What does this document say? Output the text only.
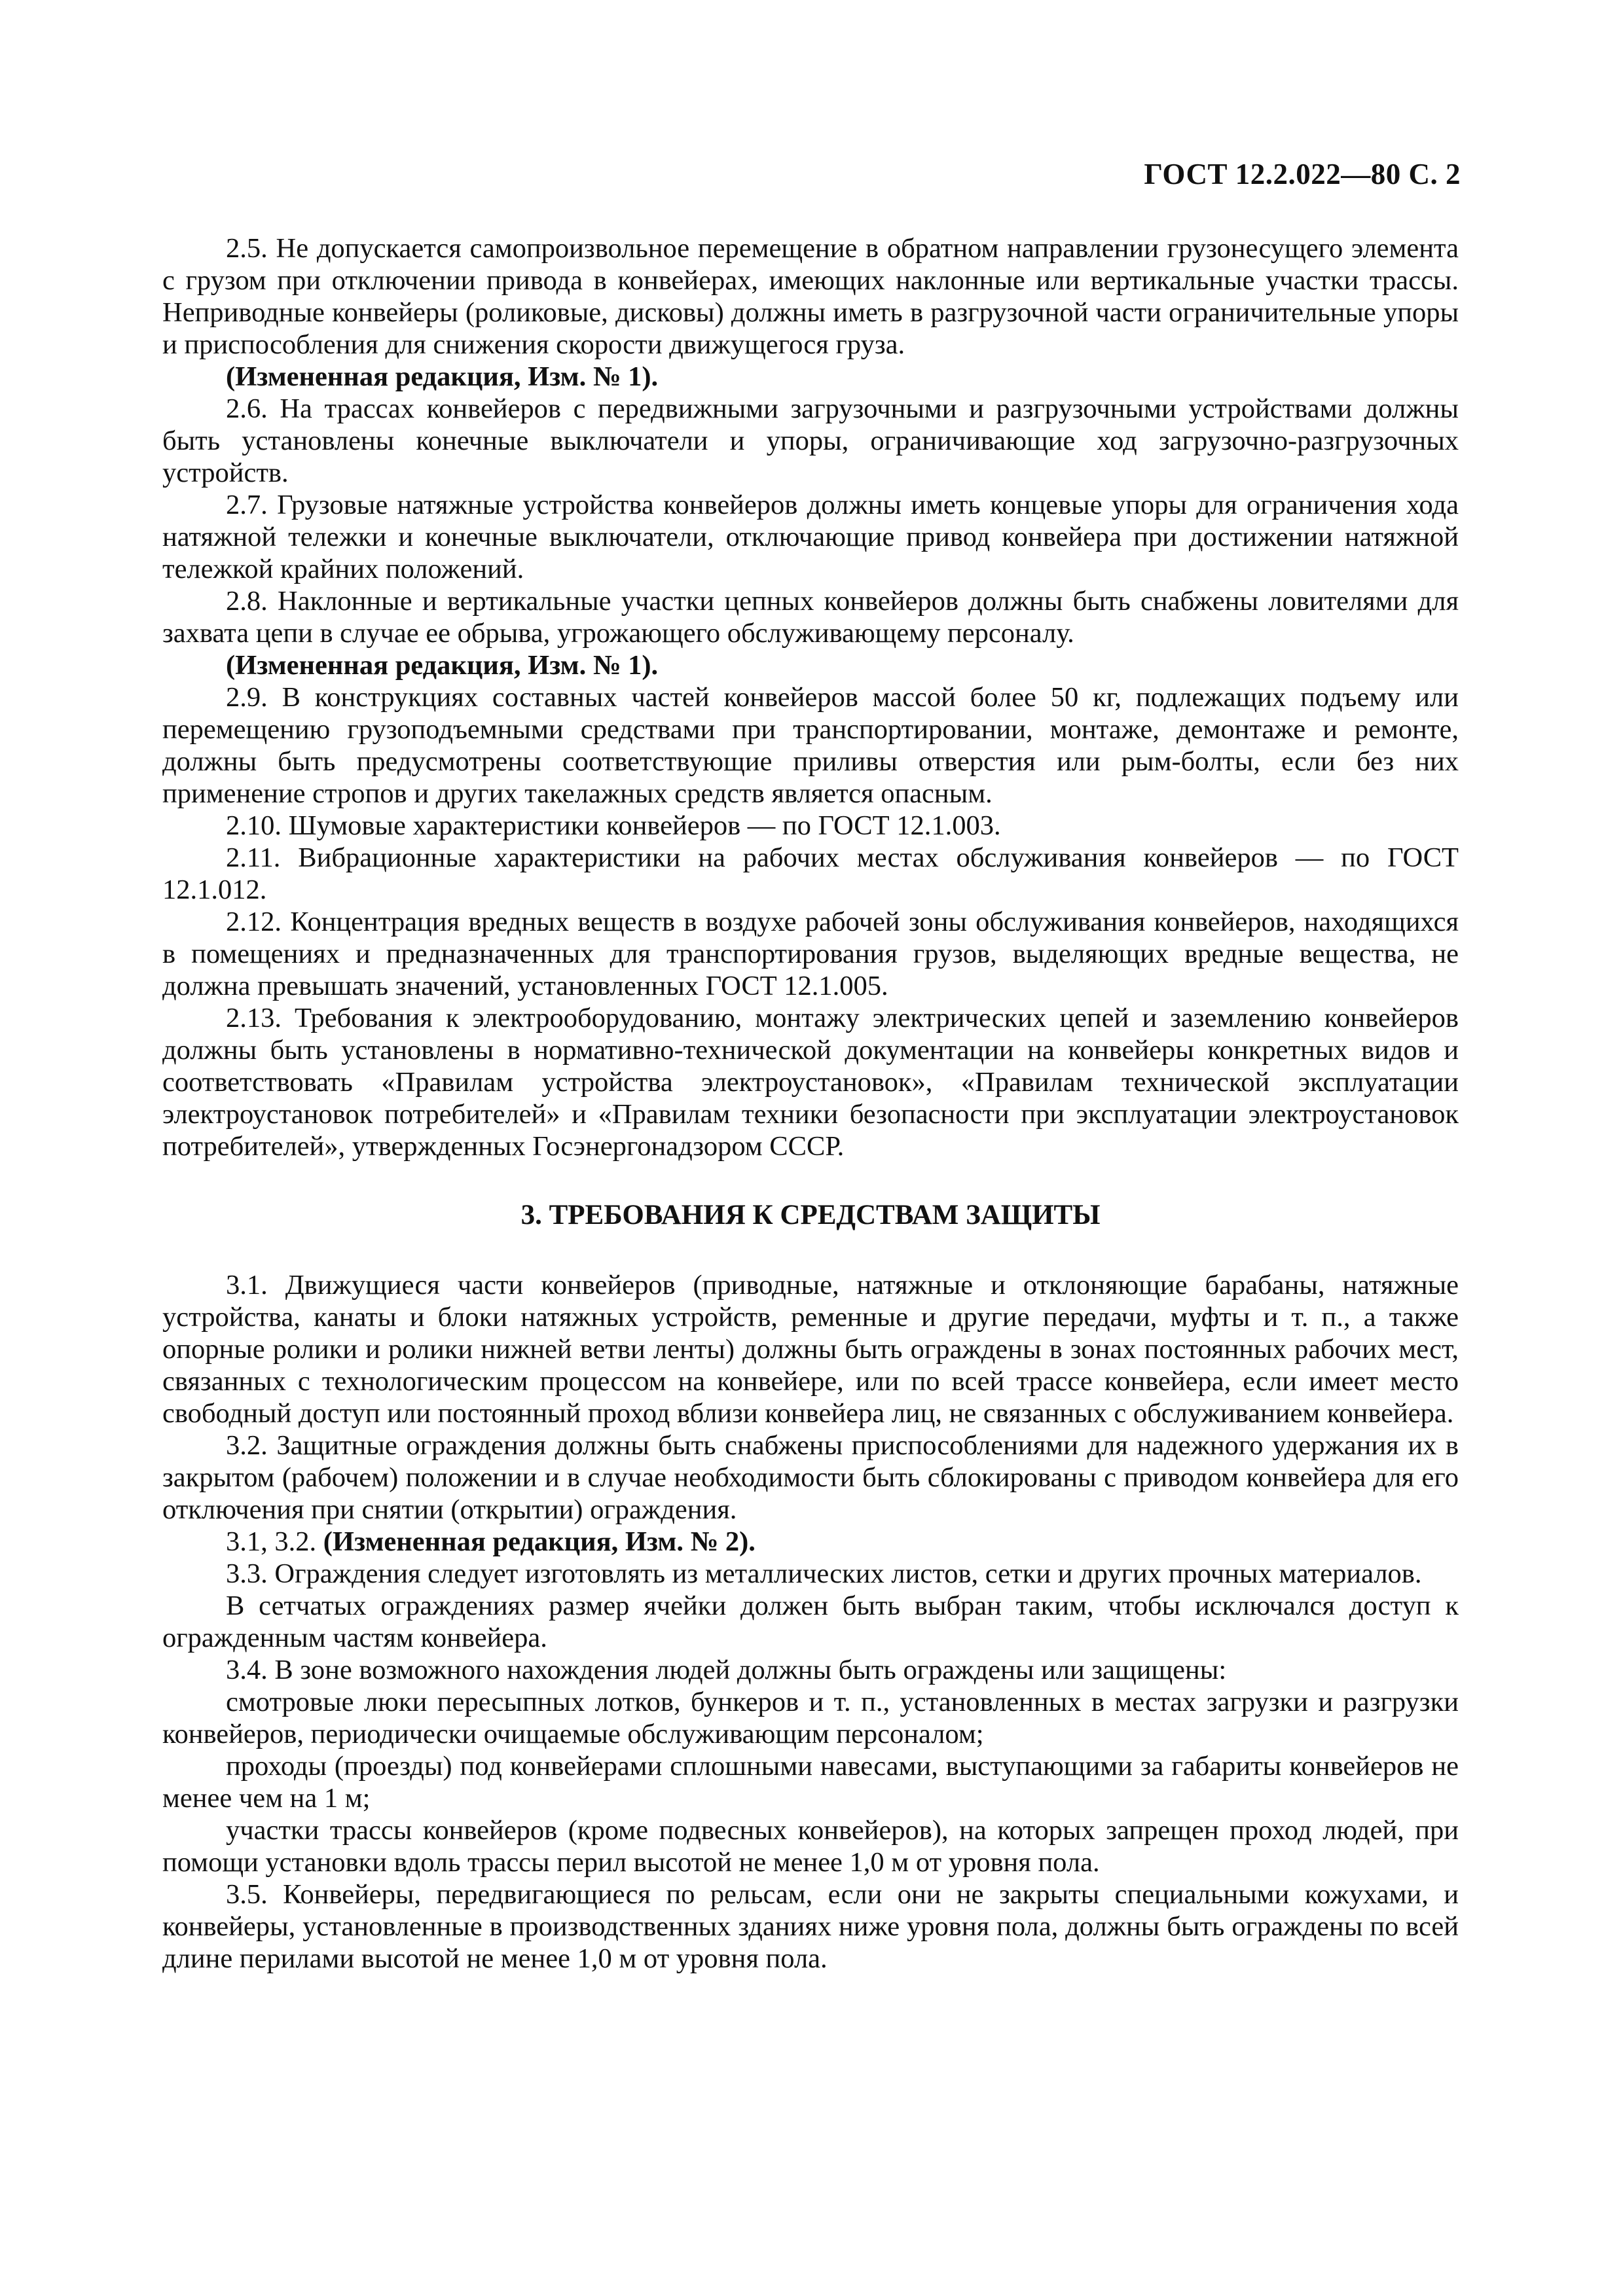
ГОСТ 12.2.022—80 С. 2
2.5. Не допускается самопроизвольное перемещение в обратном направлении грузонесущего элемента с грузом при отключении привода в конвейерах, имеющих наклонные или вертикальные участки трассы. Неприводные конвейеры (роликовые, дисковы) должны иметь в разгрузочной части ограничительные упоры и приспособления для снижения скорости движущегося груза.
(Измененная редакция, Изм. № 1).
2.6. На трассах конвейеров с передвижными загрузочными и разгрузочными устройствами должны быть установлены конечные выключатели и упоры, ограничивающие ход загрузочно-разгрузочных устройств.
2.7. Грузовые натяжные устройства конвейеров должны иметь концевые упоры для ограничения хода натяжной тележки и конечные выключатели, отключающие привод конвейера при достижении натяжной тележкой крайних положений.
2.8. Наклонные и вертикальные участки цепных конвейеров должны быть снабжены ловителями для захвата цепи в случае ее обрыва, угрожающего обслуживающему персоналу.
(Измененная редакция, Изм. № 1).
2.9. В конструкциях составных частей конвейеров массой более 50 кг, подлежащих подъему или перемещению грузоподъемными средствами при транспортировании, монтаже, демонтаже и ремонте, должны быть предусмотрены соответствующие приливы отверстия или рым-болты, если без них применение стропов и других такелажных средств является опасным.
2.10. Шумовые характеристики конвейеров — по ГОСТ 12.1.003.
2.11. Вибрационные характеристики на рабочих местах обслуживания конвейеров — по ГОСТ 12.1.012.
2.12. Концентрация вредных веществ в воздухе рабочей зоны обслуживания конвейеров, находящихся в помещениях и предназначенных для транспортирования грузов, выделяющих вредные вещества, не должна превышать значений, установленных ГОСТ 12.1.005.
2.13. Требования к электрооборудованию, монтажу электрических цепей и заземлению конвейеров должны быть установлены в нормативно-технической документации на конвейеры конкретных видов и соответствовать «Правилам устройства электроустановок», «Правилам технической эксплуатации электроустановок потребителей» и «Правилам техники безопасности при эксплуатации электроустановок потребителей», утвержденных Госэнергонадзором СССР.
3. ТРЕБОВАНИЯ К СРЕДСТВАМ ЗАЩИТЫ
3.1. Движущиеся части конвейеров (приводные, натяжные и отклоняющие барабаны, натяжные устройства, канаты и блоки натяжных устройств, ременные и другие передачи, муфты и т. п., а также опорные ролики и ролики нижней ветви ленты) должны быть ограждены в зонах постоянных рабочих мест, связанных с технологическим процессом на конвейере, или по всей трассе конвейера, если имеет место свободный доступ или постоянный проход вблизи конвейера лиц, не связанных с обслуживанием конвейера.
3.2. Защитные ограждения должны быть снабжены приспособлениями для надежного удержания их в закрытом (рабочем) положении и в случае необходимости быть сблокированы с приводом конвейера для его отключения при снятии (открытии) ограждения.
3.1, 3.2. (Измененная редакция, Изм. № 2).
3.3. Ограждения следует изготовлять из металлических листов, сетки и других прочных материалов.
В сетчатых ограждениях размер ячейки должен быть выбран таким, чтобы исключался доступ к огражденным частям конвейера.
3.4. В зоне возможного нахождения людей должны быть ограждены или защищены:
смотровые люки пересыпных лотков, бункеров и т. п., установленных в местах загрузки и разгрузки конвейеров, периодически очищаемые обслуживающим персоналом;
проходы (проезды) под конвейерами сплошными навесами, выступающими за габариты конвейеров не менее чем на 1 м;
участки трассы конвейеров (кроме подвесных конвейеров), на которых запрещен проход людей, при помощи установки вдоль трассы перил высотой не менее 1,0 м от уровня пола.
3.5. Конвейеры, передвигающиеся по рельсам, если они не закрыты специальными кожухами, и конвейеры, установленные в производственных зданиях ниже уровня пола, должны быть ограждены по всей длине перилами высотой не менее 1,0 м от уровня пола.
